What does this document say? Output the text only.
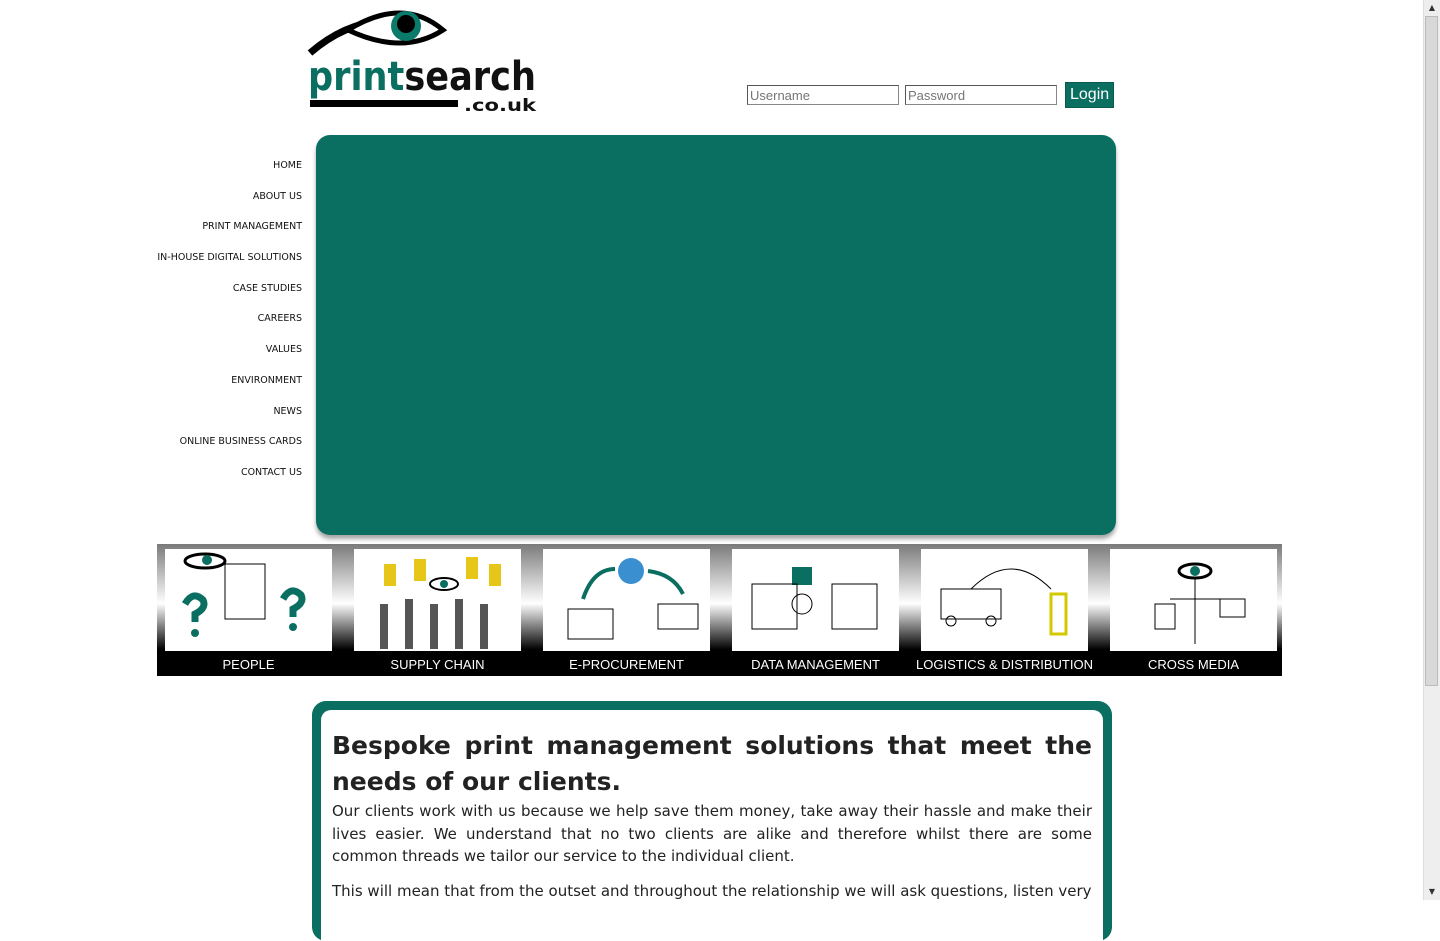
printsearch
.co.uk
Username
Login
HOME
ABOUT US
PRINT MANAGEMENT
IN-HOUSE DIGITAL SOLUTIONS
CASE STUDIES
CAREERS
VALUES
ENVIRONMENT
NEWS
ONLINE BUSINESS CARDS
CONTACT US
PEOPLE	SUPPLY CHAIN	E-PROCUREMENT	DATA MANAGEMENT	LOGISTICS & DISTRIBUTION	CROSS MEDIA
Bespoke print management solutions that meet the needs of our clients.

Our clients work with us because we help save them money, take away their hassle and make their lives easier. We understand that no two clients are alike and therefore whilst there are some common threads we tailor our service to the individual client.

This will mean that from the outset and throughout the relationship we will ask questions, listen very

▲
▼
